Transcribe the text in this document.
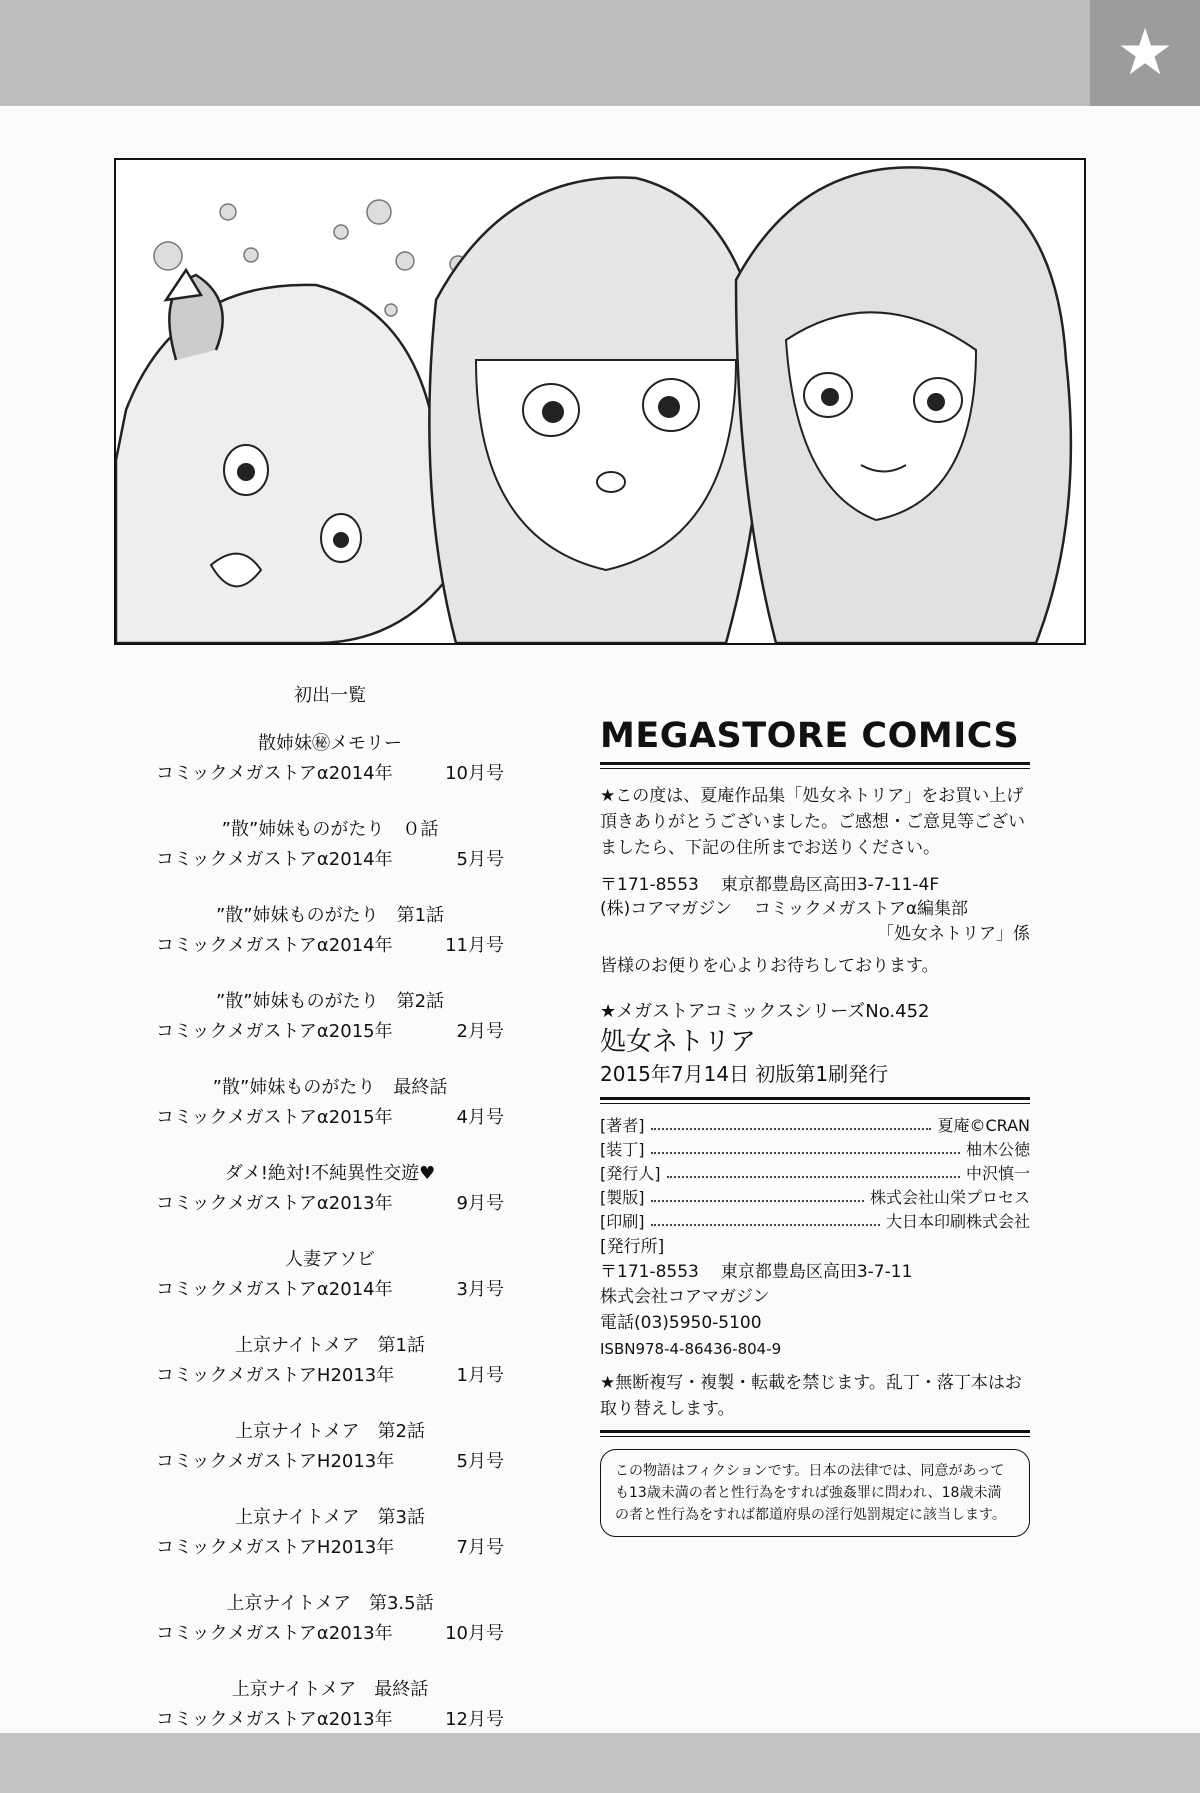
★
初出一覧
散姉妹㊙メモリー
コミックメガストアα2014年	10月号
”散”姉妹ものがたり　０話
コミックメガストアα2014年	5月号
”散”姉妹ものがたり　第1話
コミックメガストアα2014年	11月号
”散”姉妹ものがたり　第2話
コミックメガストアα2015年	2月号
”散”姉妹ものがたり　最終話
コミックメガストアα2015年	4月号
ダメ!絶対!不純異性交遊♥
コミックメガストアα2013年	9月号
人妻アソビ
コミックメガストアα2014年	3月号
上京ナイトメア　第1話
コミックメガストアH2013年	1月号
上京ナイトメア　第2話
コミックメガストアH2013年	5月号
上京ナイトメア　第3話
コミックメガストアH2013年	7月号
上京ナイトメア　第3.5話
コミックメガストアα2013年	10月号
上京ナイトメア　最終話
コミックメガストアα2013年	12月号
MEGASTORE COMICS
★この度は、夏庵作品集「処女ネトリア」をお買い上げ頂きありがとうございました。ご感想・ご意見等ございましたら、下記の住所までお送りください。
〒171-8553 東京都豊島区高田3-7-11-4F
(株)コアマガジン コミックメガストアα編集部
「処女ネトリア」係
皆様のお便りを心よりお待ちしております。
★メガストアコミックスシリーズNo.452
処女ネトリア
2015年7月14日 初版第1刷発行
[著者]	夏庵©CRAN
[装丁]	柚木公徳
[発行人]	中沢慎一
[製版]	株式会社山栄プロセス
[印刷]	大日本印刷株式会社
[発行所]
〒171-8553 東京都豊島区高田3-7-11
株式会社コアマガジン
電話(03)5950-5100
ISBN978-4-86436-804-9
★無断複写・複製・転載を禁じます。乱丁・落丁本はお取り替えします。
この物語はフィクションです。日本の法律では、同意があっても13歳未満の者と性行為をすれば強姦罪に問われ、18歳未満の者と性行為をすれば都道府県の淫行処罰規定に該当します。
